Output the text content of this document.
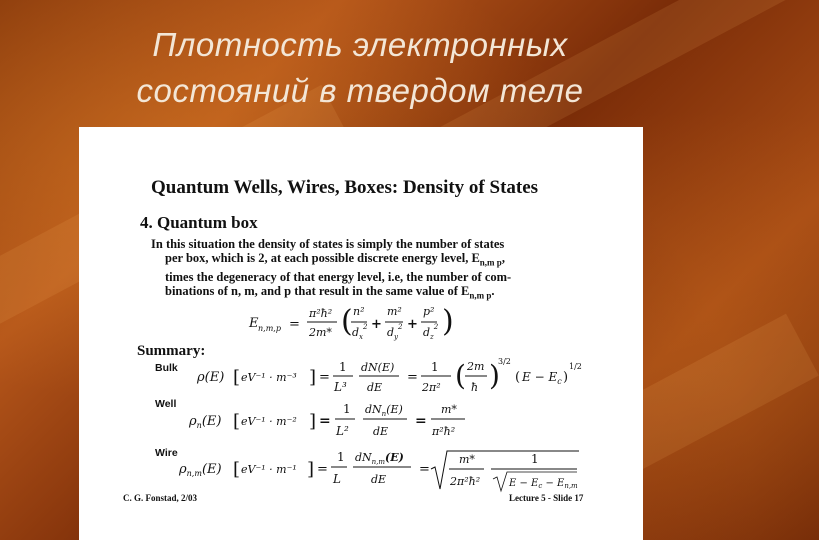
Плотность электронных
состояний в твердом теле
Quantum Wells, Wires, Boxes: Density of States
4. Quantum box
In this situation the density of states is simply the number of states
per box, which is 2, at each possible discrete energy level, $E_{n,m p}$,
times the degeneracy of that energy level, i.e, the number of com-
binations of n, m, and p that result in the same value of $E_{n,m p}$.
E n,m,p =
π²ħ²
2m* ( n²
$d_x^2$ +
m²
$d_y^2$ +
p²
$d_z^2$ )
Summary:
Bulk
ρ(E) [ eV⁻¹ · m⁻³ ] =
1
L³
dN(E)
dE
=
1
2π² ( 2m
ħ )
3/2
( $E - E_c$ )
1/2
Well
$\rho_n(E)$ [ eV⁻¹ · m⁻² ] =
1
L²
$dN_n(E)$
dE
=
m*
π²ħ²
Wire
$\rho_{n,m}(E)$ [ eV⁻¹ · m⁻¹ ] =
1
L
$dN_{n,m}(E)$
dE
=
m*
2π²ħ²
1
$E - E_c - E_{n,m}$
C. G. Fonstad, 2/03	Lecture 5 - Slide 17
